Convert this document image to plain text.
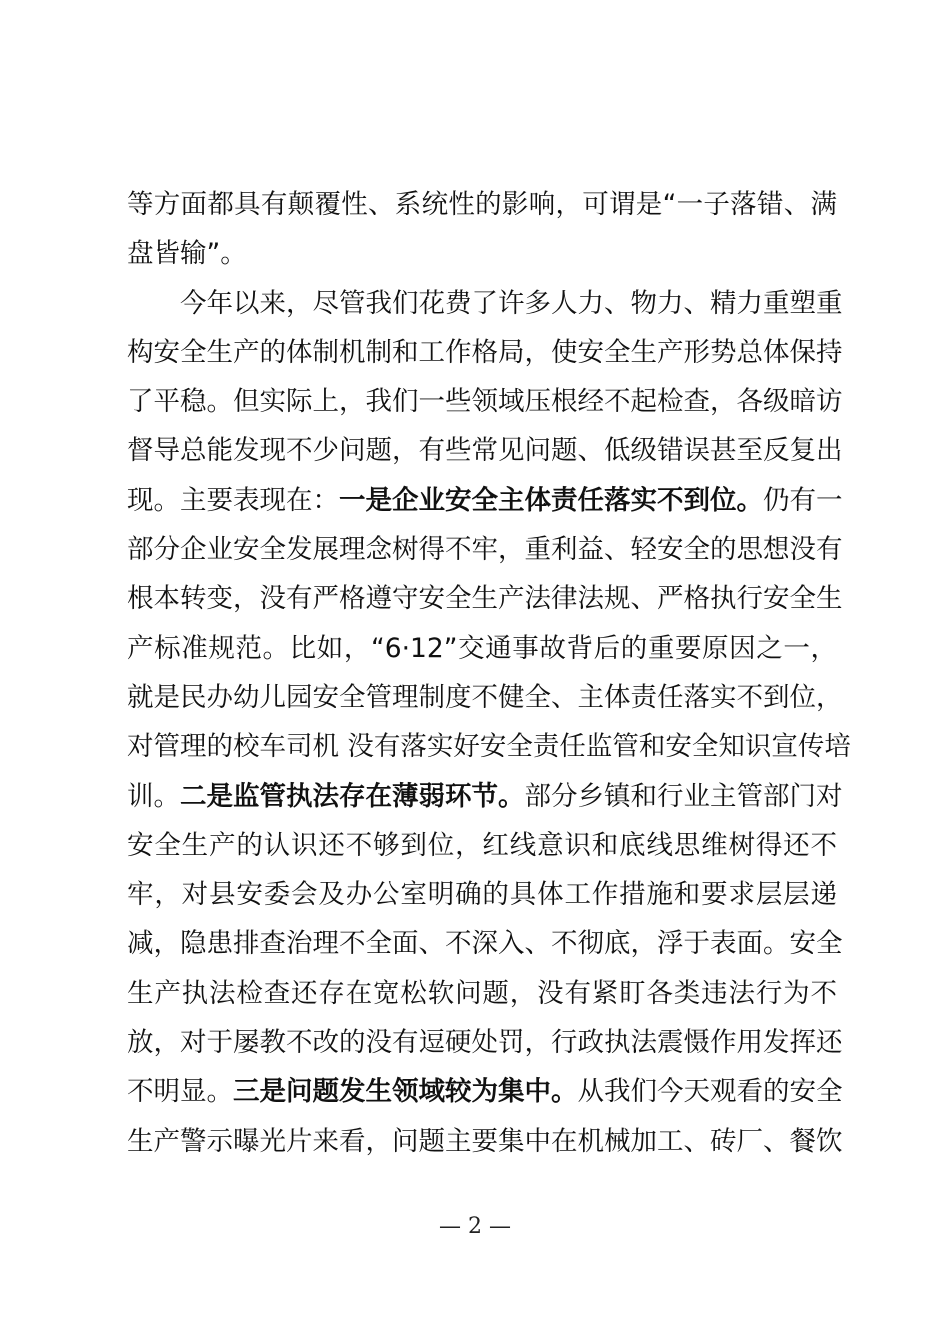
等方面都具有颠覆性、系统性的影响，可谓是“一子落错、满
盘皆输”。
今年以来，尽管我们花费了许多人力、物力、精力重塑重
构安全生产的体制机制和工作格局，使安全生产形势总体保持
了平稳。但实际上，我们一些领域压根经不起检查，各级暗访
督导总能发现不少问题，有些常见问题、低级错误甚至反复出
现。主要表现在：一是企业安全主体责任落实不到位。仍有一
部分企业安全发展理念树得不牢，重利益、轻安全的思想没有
根本转变，没有严格遵守安全生产法律法规、严格执行安全生
产标准规范。比如，“6·12”交通事故背后的重要原因之一，
就是民办幼儿园安全管理制度不健全、主体责任落实不到位，
对管理的校车司机 没有落实好安全责任监管和安全知识宣传培
训。二是监管执法存在薄弱环节。部分乡镇和行业主管部门对
安全生产的认识还不够到位，红线意识和底线思维树得还不
牢，对县安委会及办公室明确的具体工作措施和要求层层递
减，隐患排查治理不全面、不深入、不彻底，浮于表面。安全
生产执法检查还存在宽松软问题，没有紧盯各类违法行为不
放，对于屡教不改的没有逗硬处罚，行政执法震慑作用发挥还
不明显。三是问题发生领域较为集中。从我们今天观看的安全
生产警示曝光片来看，问题主要集中在机械加工、砖厂、餐饮
— 2 —
